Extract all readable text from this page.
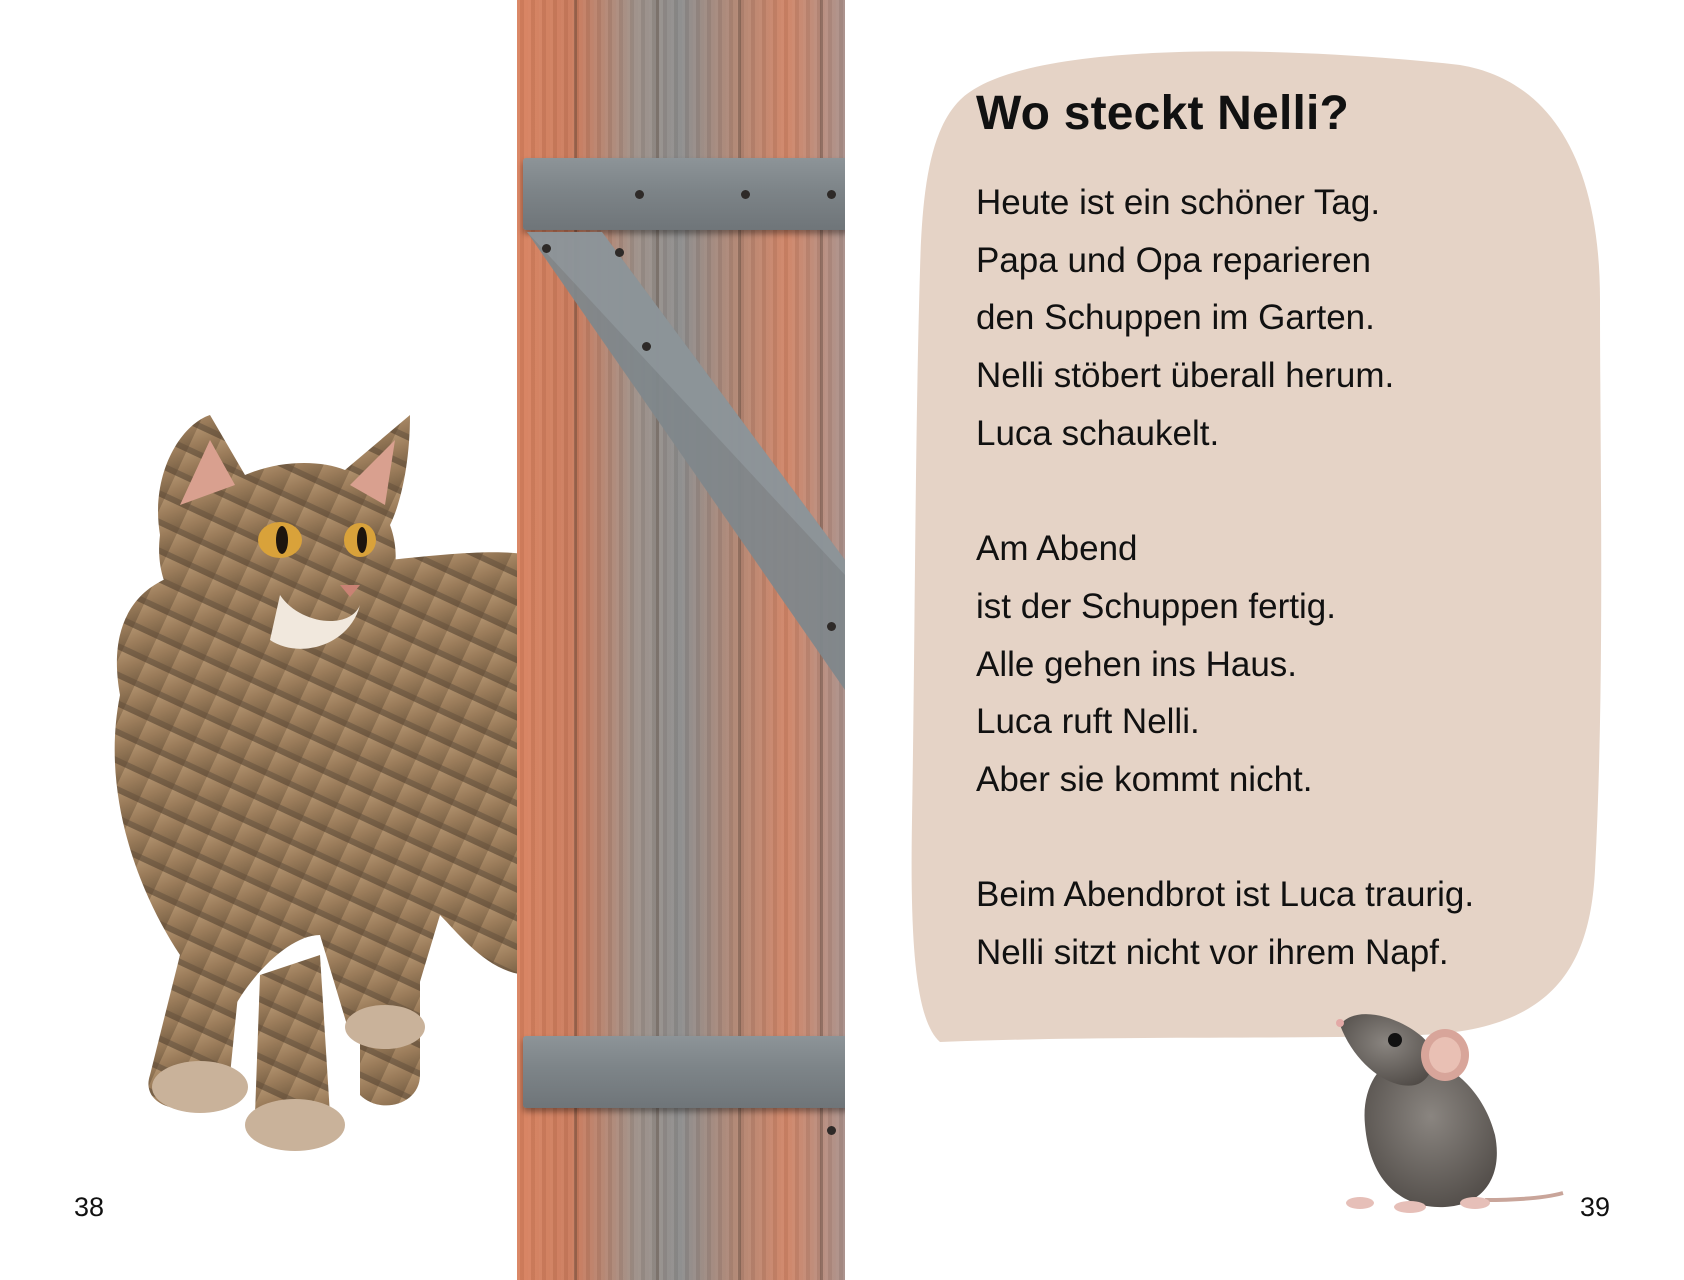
Wo steckt Nelli?
Heute ist ein schöner Tag.
Papa und Opa reparieren
den Schuppen im Garten.
Nelli stöbert überall herum.
Luca schaukelt.
Am Abend
ist der Schuppen fertig.
Alle gehen ins Haus.
Luca ruft Nelli.
Aber sie kommt nicht.
Beim Abendbrot ist Luca traurig.
Nelli sitzt nicht vor ihrem Napf.
38	39
